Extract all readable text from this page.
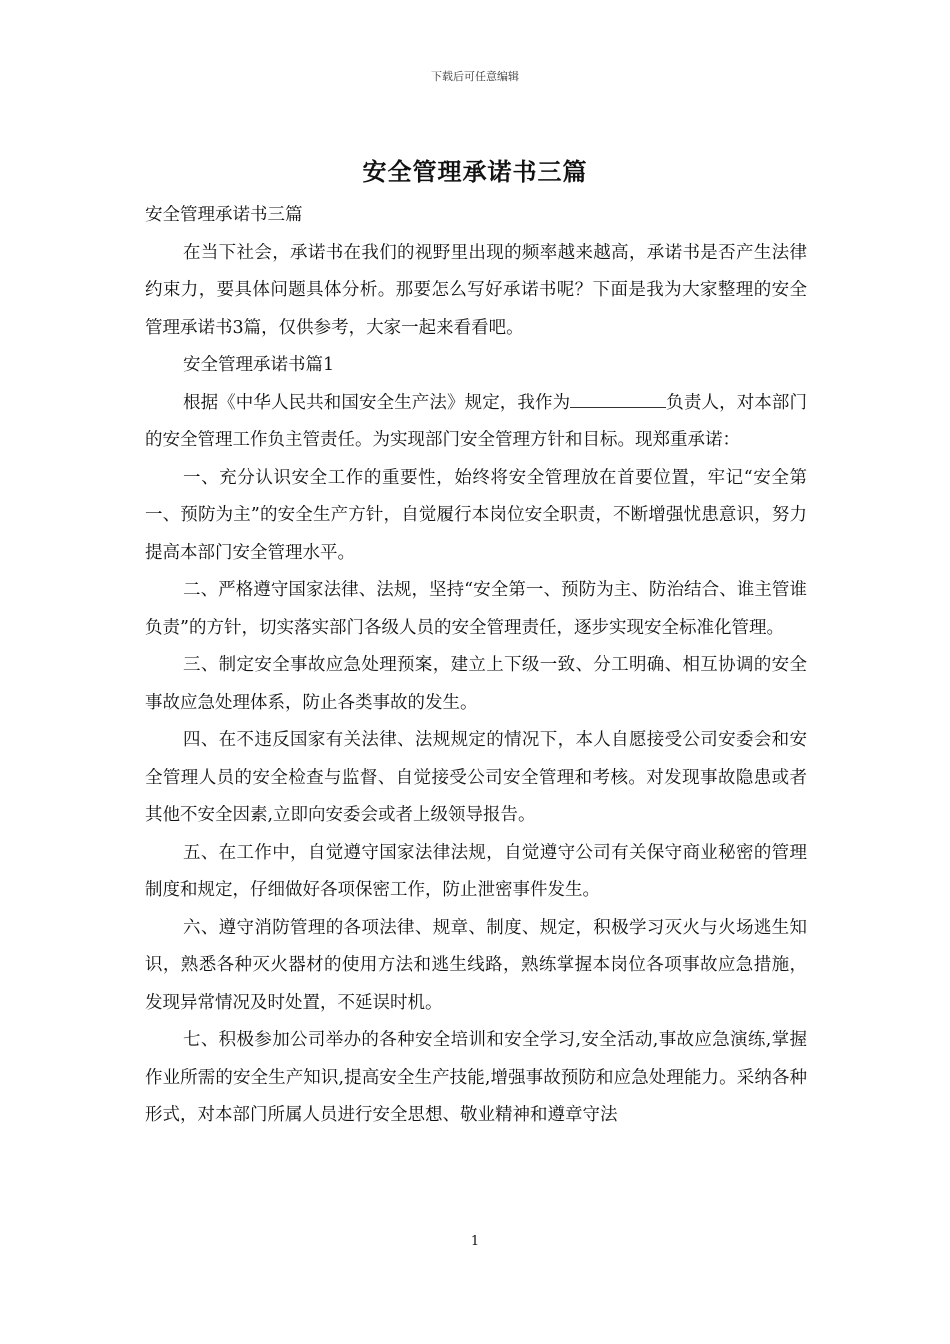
下载后可任意编辑
安全管理承诺书三篇

安全管理承诺书三篇

在当下社会，承诺书在我们的视野里出现的频率越来越高，承诺书是否产生法律约束力，要具体问题具体分析。那要怎么写好承诺书呢？下面是我为大家整理的安全管理承诺书3篇，仅供参考，大家一起来看看吧。

安全管理承诺书篇1

根据《中华人民共和国安全生产法》规定，我作为	负责人，对本部门的安全管理工作负主管责任。为实现部门安全管理方针和目标。现郑重承诺：

一、充分认识安全工作的重要性，始终将安全管理放在首要位置，牢记“安全第一、预防为主”的安全生产方针，自觉履行本岗位安全职责，不断增强忧患意识，努力提高本部门安全管理水平。

二、严格遵守国家法律、法规，坚持“安全第一、预防为主、防治结合、谁主管谁负责”的方针，切实落实部门各级人员的安全管理责任，逐步实现安全标准化管理。

三、制定安全事故应急处理预案，建立上下级一致、分工明确、相互协调的安全事故应急处理体系，防止各类事故的发生。

四、在不违反国家有关法律、法规规定的情况下，本人自愿接受公司安委会和安全管理人员的安全检查与监督、自觉接受公司安全管理和考核。对发现事故隐患或者其他不安全因素,立即向安委会或者上级领导报告。

五、在工作中，自觉遵守国家法律法规，自觉遵守公司有关保守商业秘密的管理制度和规定，仔细做好各项保密工作，防止泄密事件发生。

六、遵守消防管理的各项法律、规章、制度、规定，积极学习灭火与火场逃生知识，熟悉各种灭火器材的使用方法和逃生线路，熟练掌握本岗位各项事故应急措施，发现异常情况及时处置，不延误时机。

七、积极参加公司举办的各种安全培训和安全学习,安全活动,事故应急演练,掌握作业所需的安全生产知识,提高安全生产技能,增强事故预防和应急处理能力。采纳各种形式，对本部门所属人员进行安全思想、敬业精神和遵章守法

1
